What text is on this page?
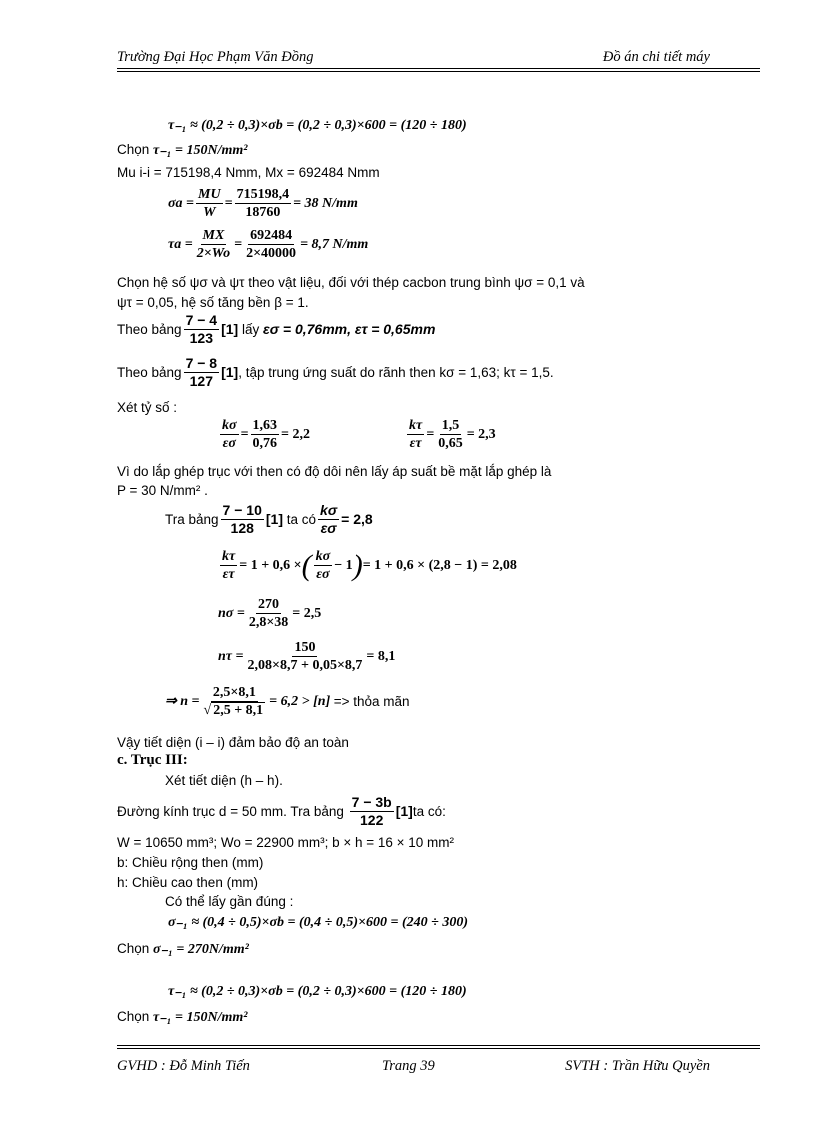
Trường Đại Học Phạm Văn Đồng	Đồ án chi tiết máy
τ₋₁ ≈ (0,2 ÷ 0,3)×σb = (0,2 ÷ 0,3)×600 = (120 ÷ 180)
Chọn τ₋₁ = 150N/mm²
Mu i-i = 715198,4 Nmm, Mx = 692484 Nmm
$\sigma a = \frac{MU}{W} = \frac{715198,4}{18760} = 38$ N/mm
$\tau a = \frac{MX}{2\times Wo} = \frac{692484}{2\times 40000} = 8,7$ N/mm
Chọn hệ số ψσ và ψτ theo vật liệu, đối với thép cacbon trung bình ψσ = 0,1 và
ψτ = 0,05, hệ số tăng bền β = 1.
Theo bảng
7 − 4
123
[1]
lấy
εσ = 0,76mm, ετ = 0,65mm
Theo bảng
7 − 8
127
[1] , tập trung ứng suất do rãnh then kσ = 1,63; kτ = 1,5.
Xét tỷ số :
$\frac{k\sigma}{\varepsilon\sigma} = \frac{1,63}{0,76} = 2,2$	$\frac{k\tau}{\varepsilon\tau} = \frac{1,5}{0,65} = 2,3$
Vì do lắp ghép trục với then có độ dôi nên lấy áp suất bề mặt lắp ghép là
P = 30 N/mm² .
Tra bảng
7 − 10
128
[1]
ta có $\frac{k\sigma}{\varepsilon\sigma} = 2,8$
$\frac{k\tau}{\varepsilon\tau} = 1 + 0,6$ × ( kσ
εσ
− 1 ) = 1 + 0,6 × (2,8 − 1) = 2,08
$n\sigma = \frac{270}{2,8\times 38} = 2,5$
$n\tau = \frac{150}{2,08\times 8,7 + 0,05\times 8,7} = 8,1$
⇒ $n = \frac{2,5\times 8,1}{√ 2,5 + 8,1} = 6,2 > [n]$
=> thỏa mãn
Vậy tiết diện (i – i) đảm bảo độ an toàn
c. Trục III:
Xét tiết diện (h – h).
Đường kính trục d = 50 mm. Tra bảng

7 − 3b
122
[1] ta có:
W = 10650 mm³; Wo = 22900 mm³; b × h = 16 × 10 mm²
b: Chiều rộng then (mm)
h: Chiều cao then (mm)
Có thể lấy gần đúng :
σ₋₁ ≈ (0,4 ÷ 0,5)×σb = (0,4 ÷ 0,5)×600 = (240 ÷ 300)
Chọn σ₋₁ = 270N/mm²
τ₋₁ ≈ (0,2 ÷ 0,3)×σb = (0,2 ÷ 0,3)×600 = (120 ÷ 180)
Chọn τ₋₁ = 150N/mm²
GVHD : Đỗ Minh Tiến	Trang 39	SVTH : Trần Hữu Quyền
